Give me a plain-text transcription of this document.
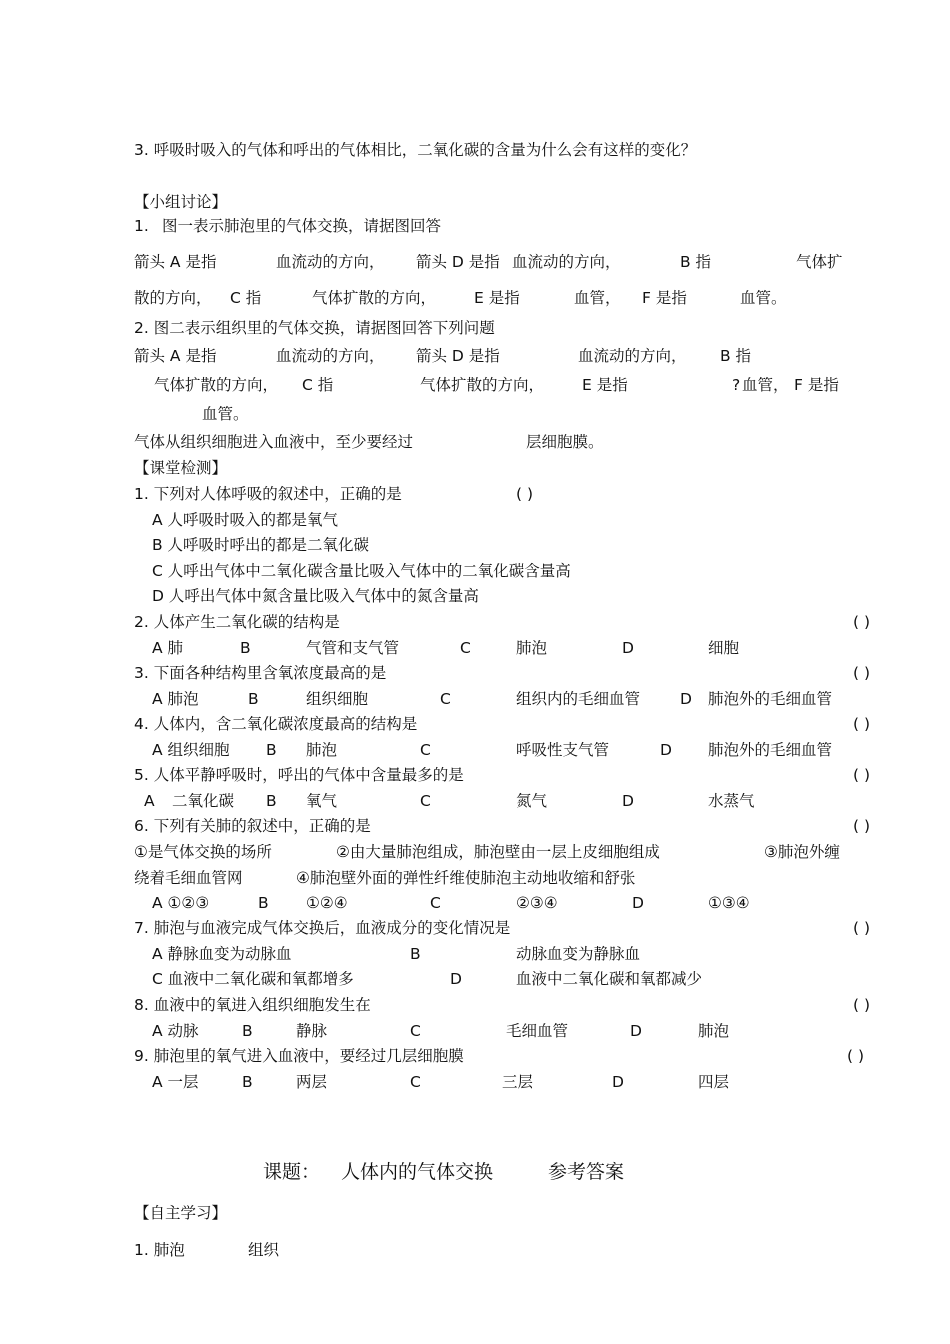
3. 呼吸时吸入的气体和呼出的气体相比，二氧化碳的含量为什么会有这样的变化？
【小组讨论】
1. 图一表示肺泡里的气体交换，请据图回答
箭头 A 是指	血流动的方向， 箭头 D 是指 血流动的方向，	B 指	气体扩
散的方向， C 指	气体扩散的方向， E 是指	血管， F 是指	血管。
2. 图二表示组织里的气体交换，请据图回答下列问题
箭头 A 是指	血流动的方向， 箭头 D 是指	血流动的方向， B 指
气体扩散的方向， C 指	气体扩散的方向， E 是指	? 血管， F 是指
血管。
气体从组织细胞进入血液中，至少要经过	层细胞膜。
【课堂检测】
1. 下列对人体呼吸的叙述中，正确的是	( )
A 人呼吸时吸入的都是氧气
B 人呼吸时呼出的都是二氧化碳
C 人呼出气体中二氧化碳含量比吸入气体中的二氧化碳含量高
D 人呼出气体中氮含量比吸入气体中的氮含量高
2. 人体产生二氧化碳的结构是	( )
A 肺	B	气管和支气管	C	肺泡	D	细胞
3. 下面各种结构里含氧浓度最高的是	( )
A 肺泡	B	组织细胞	C	组织内的毛细血管	D 肺泡外的毛细血管
4. 人体内，含二氧化碳浓度最高的结构是	( )
A 组织细胞 B 肺泡	C	呼吸性支气管	D 肺泡外的毛细血管
5. 人体平静呼吸时，呼出的气体中含量最多的是	( )
A 二氧化碳 B 氧气	C	氮气	D	水蒸气
6. 下列有关肺的叙述中，正确的是	( )
①是气体交换的场所	②由大量肺泡组成，肺泡壁由一层上皮细胞组成	③肺泡外缠
绕着毛细血管网	④肺泡壁外面的弹性纤维使肺泡主动地收缩和舒张
A ①②③	B ①②④	C	②③④	D	①③④
7. 肺泡与血液完成气体交换后，血液成分的变化情况是	( )
A 静脉血变为动脉血	B	动脉血变为静脉血
C 血液中二氧化碳和氧都增多	D	血液中二氧化碳和氧都减少
8. 血液中的氧进入组织细胞发生在	( )
A 动脉	B	静脉	C	毛细血管	D	肺泡
9. 肺泡里的氧气进入血液中，要经过几层细胞膜	( )
A 一层	B	两层	C	三层	D	四层
课题： 人体内的气体交换	参考答案
【自主学习】
1. 肺泡	组织
